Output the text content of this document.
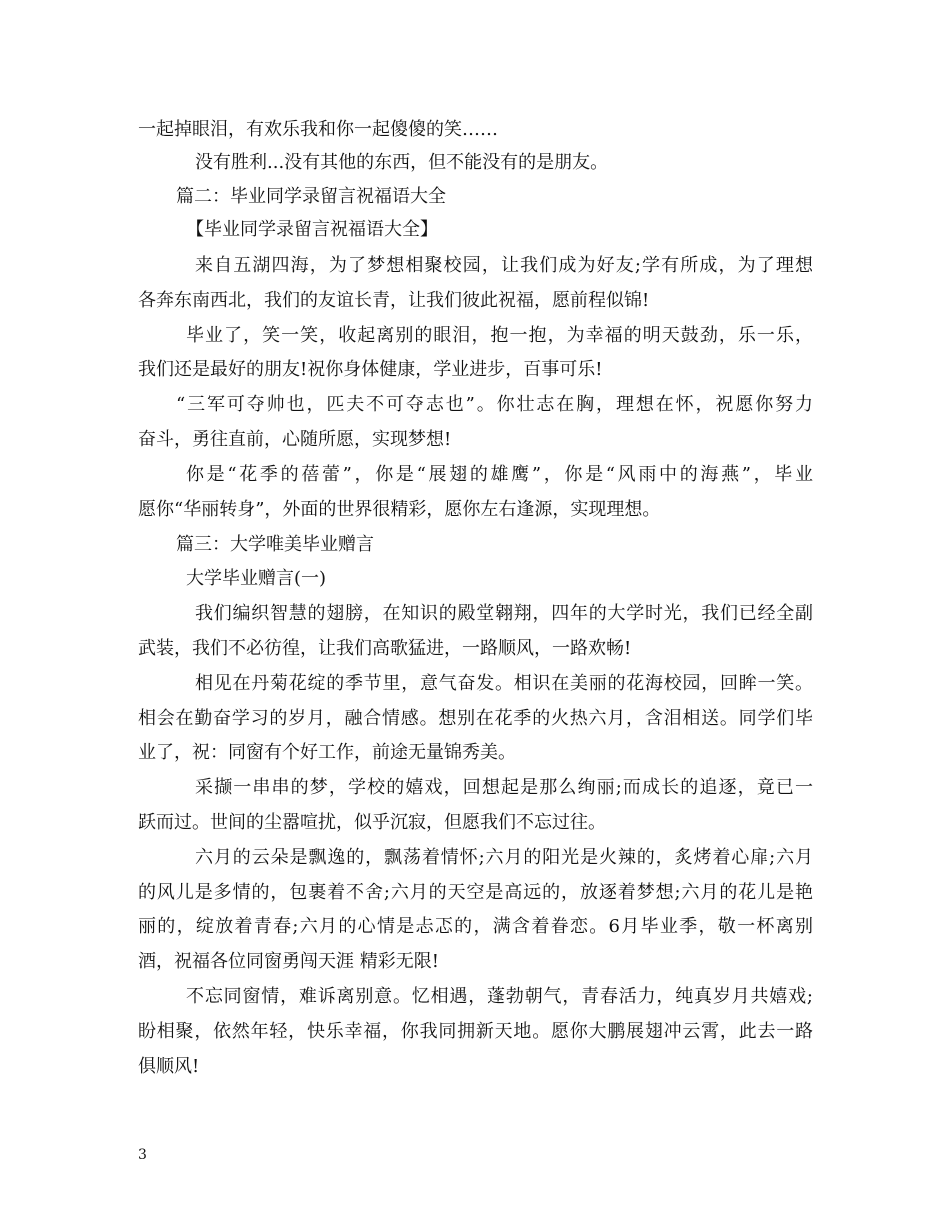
一起掉眼泪，有欢乐我和你一起傻傻的笑……
没有胜利...没有其他的东西，但不能没有的是朋友。
篇二：毕业同学录留言祝福语大全
【毕业同学录留言祝福语大全】
来自五湖四海，为了梦想相聚校园，让我们成为好友;学有所成，为了理想
各奔东南西北，我们的友谊长青，让我们彼此祝福，愿前程似锦!
毕业了，笑一笑，收起离别的眼泪，抱一抱，为幸福的明天鼓劲，乐一乐，
我们还是最好的朋友!祝你身体健康，学业进步，百事可乐!
“三军可夺帅也，匹夫不可夺志也”。你壮志在胸，理想在怀，祝愿你努力
奋斗，勇往直前，心随所愿，实现梦想!
你是“花季的蓓蕾”，你是“展翅的雄鹰”，你是“风雨中的海燕”，毕业
愿你“华丽转身”，外面的世界很精彩，愿你左右逢源，实现理想。
篇三：大学唯美毕业赠言
大学毕业赠言(一)
我们编织智慧的翅膀，在知识的殿堂翱翔，四年的大学时光，我们已经全副
武装，我们不必彷徨，让我们高歌猛进，一路顺风，一路欢畅!
相见在丹菊花绽的季节里，意气奋发。相识在美丽的花海校园，回眸一笑。
相会在勤奋学习的岁月，融合情感。想别在花季的火热六月，含泪相送。同学们毕
业了，祝：同窗有个好工作，前途无量锦秀美。
采撷一串串的梦，学校的嬉戏，回想起是那么绚丽;而成长的追逐，竟已一
跃而过。世间的尘嚣喧扰，似乎沉寂，但愿我们不忘过往。
六月的云朵是飘逸的，飘荡着情怀;六月的阳光是火辣的，炙烤着心扉;六月
的风儿是多情的，包裹着不舍;六月的天空是高远的，放逐着梦想;六月的花儿是艳
丽的，绽放着青春;六月的心情是忐忑的，满含着眷恋。6月毕业季，敬一杯离别
酒，祝福各位同窗勇闯天涯 精彩无限!
不忘同窗情，难诉离别意。忆相遇，蓬勃朝气，青春活力，纯真岁月共嬉戏;
盼相聚，依然年轻，快乐幸福，你我同拥新天地。愿你大鹏展翅冲云霄，此去一路
俱顺风!
3
